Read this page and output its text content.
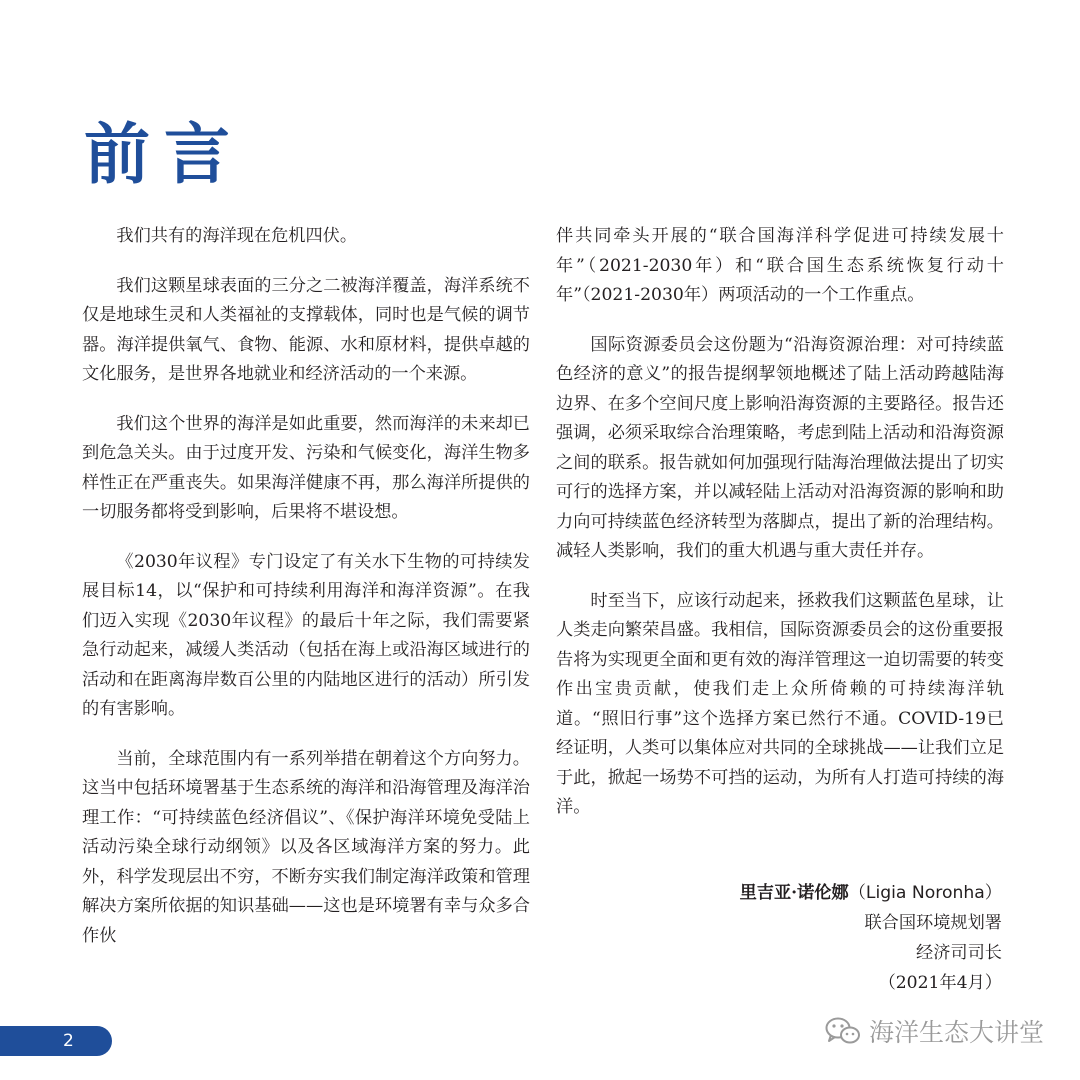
前言

我们共有的海洋现在危机四伏。

我们这颗星球表面的三分之二被海洋覆盖，海洋系统不仅是地球生灵和人类福祉的支撑载体，同时也是气候的调节器。海洋提供氧气、食物、能源、水和原材料，提供卓越的文化服务，是世界各地就业和经济活动的一个来源。

我们这个世界的海洋是如此重要，然而海洋的未来却已到危急关头。由于过度开发、污染和气候变化，海洋生物多样性正在严重丧失。如果海洋健康不再，那么海洋所提供的一切服务都将受到影响，后果将不堪设想。

《2030年议程》专门设定了有关水下生物的可持续发展目标14，以“保护和可持续利用海洋和海洋资源”。在我们迈入实现《2030年议程》的最后十年之际，我们需要紧急行动起来，减缓人类活动（包括在海上或沿海区域进行的活动和在距离海岸数百公里的内陆地区进行的活动）所引发的有害影响。

当前，全球范围内有一系列举措在朝着这个方向努力。这当中包括环境署基于生态系统的海洋和沿海管理及海洋治理工作：“可持续蓝色经济倡议”、《保护海洋环境免受陆上活动污染全球行动纲领》以及各区域海洋方案的努力。此外，科学发现层出不穷，不断夯实我们制定海洋政策和管理解决方案所依据的知识基础——这也是环境署有幸与众多合作伙

伴共同牵头开展的“联合国海洋科学促进可持续发展十年”（2021-2030年）和“联合国生态系统恢复行动十年”（2021-2030年）两项活动的一个工作重点。

国际资源委员会这份题为“沿海资源治理：对可持续蓝色经济的意义”的报告提纲挈领地概述了陆上活动跨越陆海边界、在多个空间尺度上影响沿海资源的主要路径。报告还强调，必须采取综合治理策略，考虑到陆上活动和沿海资源之间的联系。报告就如何加强现行陆海治理做法提出了切实可行的选择方案，并以减轻陆上活动对沿海资源的影响和助力向可持续蓝色经济转型为落脚点，提出了新的治理结构。减轻人类影响，我们的重大机遇与重大责任并存。

时至当下，应该行动起来，拯救我们这颗蓝色星球，让人类走向繁荣昌盛。我相信，国际资源委员会的这份重要报告将为实现更全面和更有效的海洋管理这一迫切需要的转变作出宝贵贡献，使我们走上众所倚赖的可持续海洋轨道。“照旧行事”这个选择方案已然行不通。COVID-19已经证明，人类可以集体应对共同的全球挑战——让我们立足于此，掀起一场势不可挡的运动，为所有人打造可持续的海洋。

里吉亚·诺伦娜（Ligia Noronha）
联合国环境规划署
经济司司长
（2021年4月）
2	海洋生态大讲堂
